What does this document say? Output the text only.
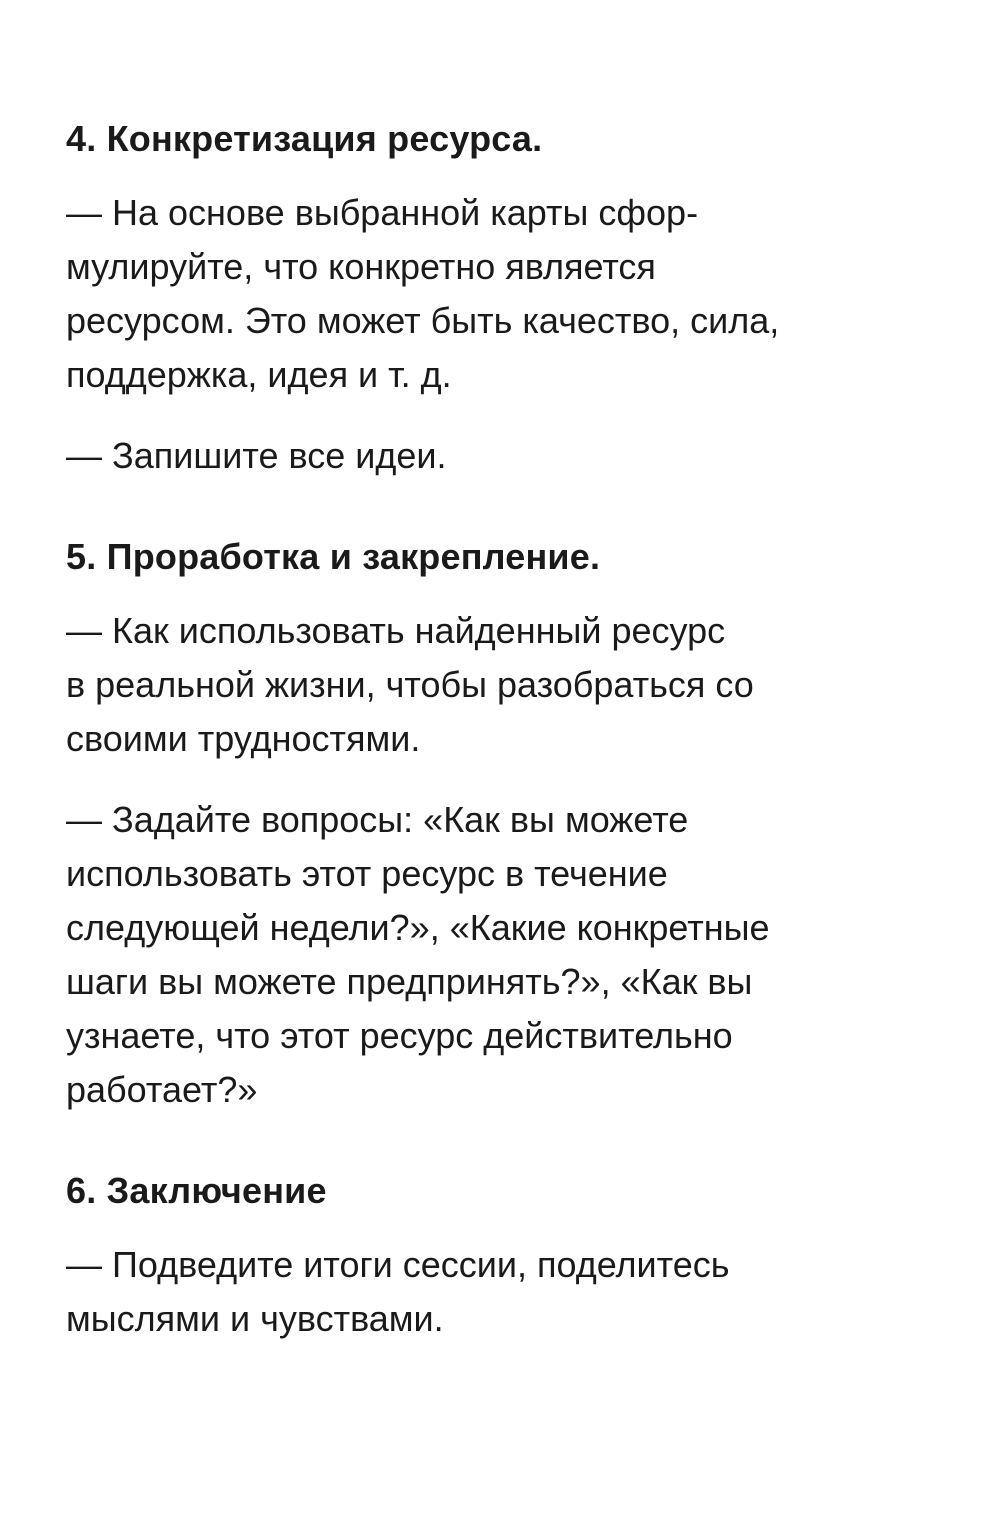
4. Конкретизация ресурса.

— На основе выбранной карты сфор-
мулируйте, что конкретно является
ресурсом. Это может быть качество, сила,
поддержка, идея и т. д.

— Запишите все идеи.

5. Проработка и закрепление.

— Как использовать найденный ресурс
в реальной жизни, чтобы разобраться со
своими трудностями.

— Задайте вопросы: «Как вы можете
использовать этот ресурс в течение
следующей недели?», «Какие конкретные
шаги вы можете предпринять?», «Как вы
узнаете, что этот ресурс действительно
работает?»

6. Заключение

— Подведите итоги сессии, поделитесь
мыслями и чувствами.
